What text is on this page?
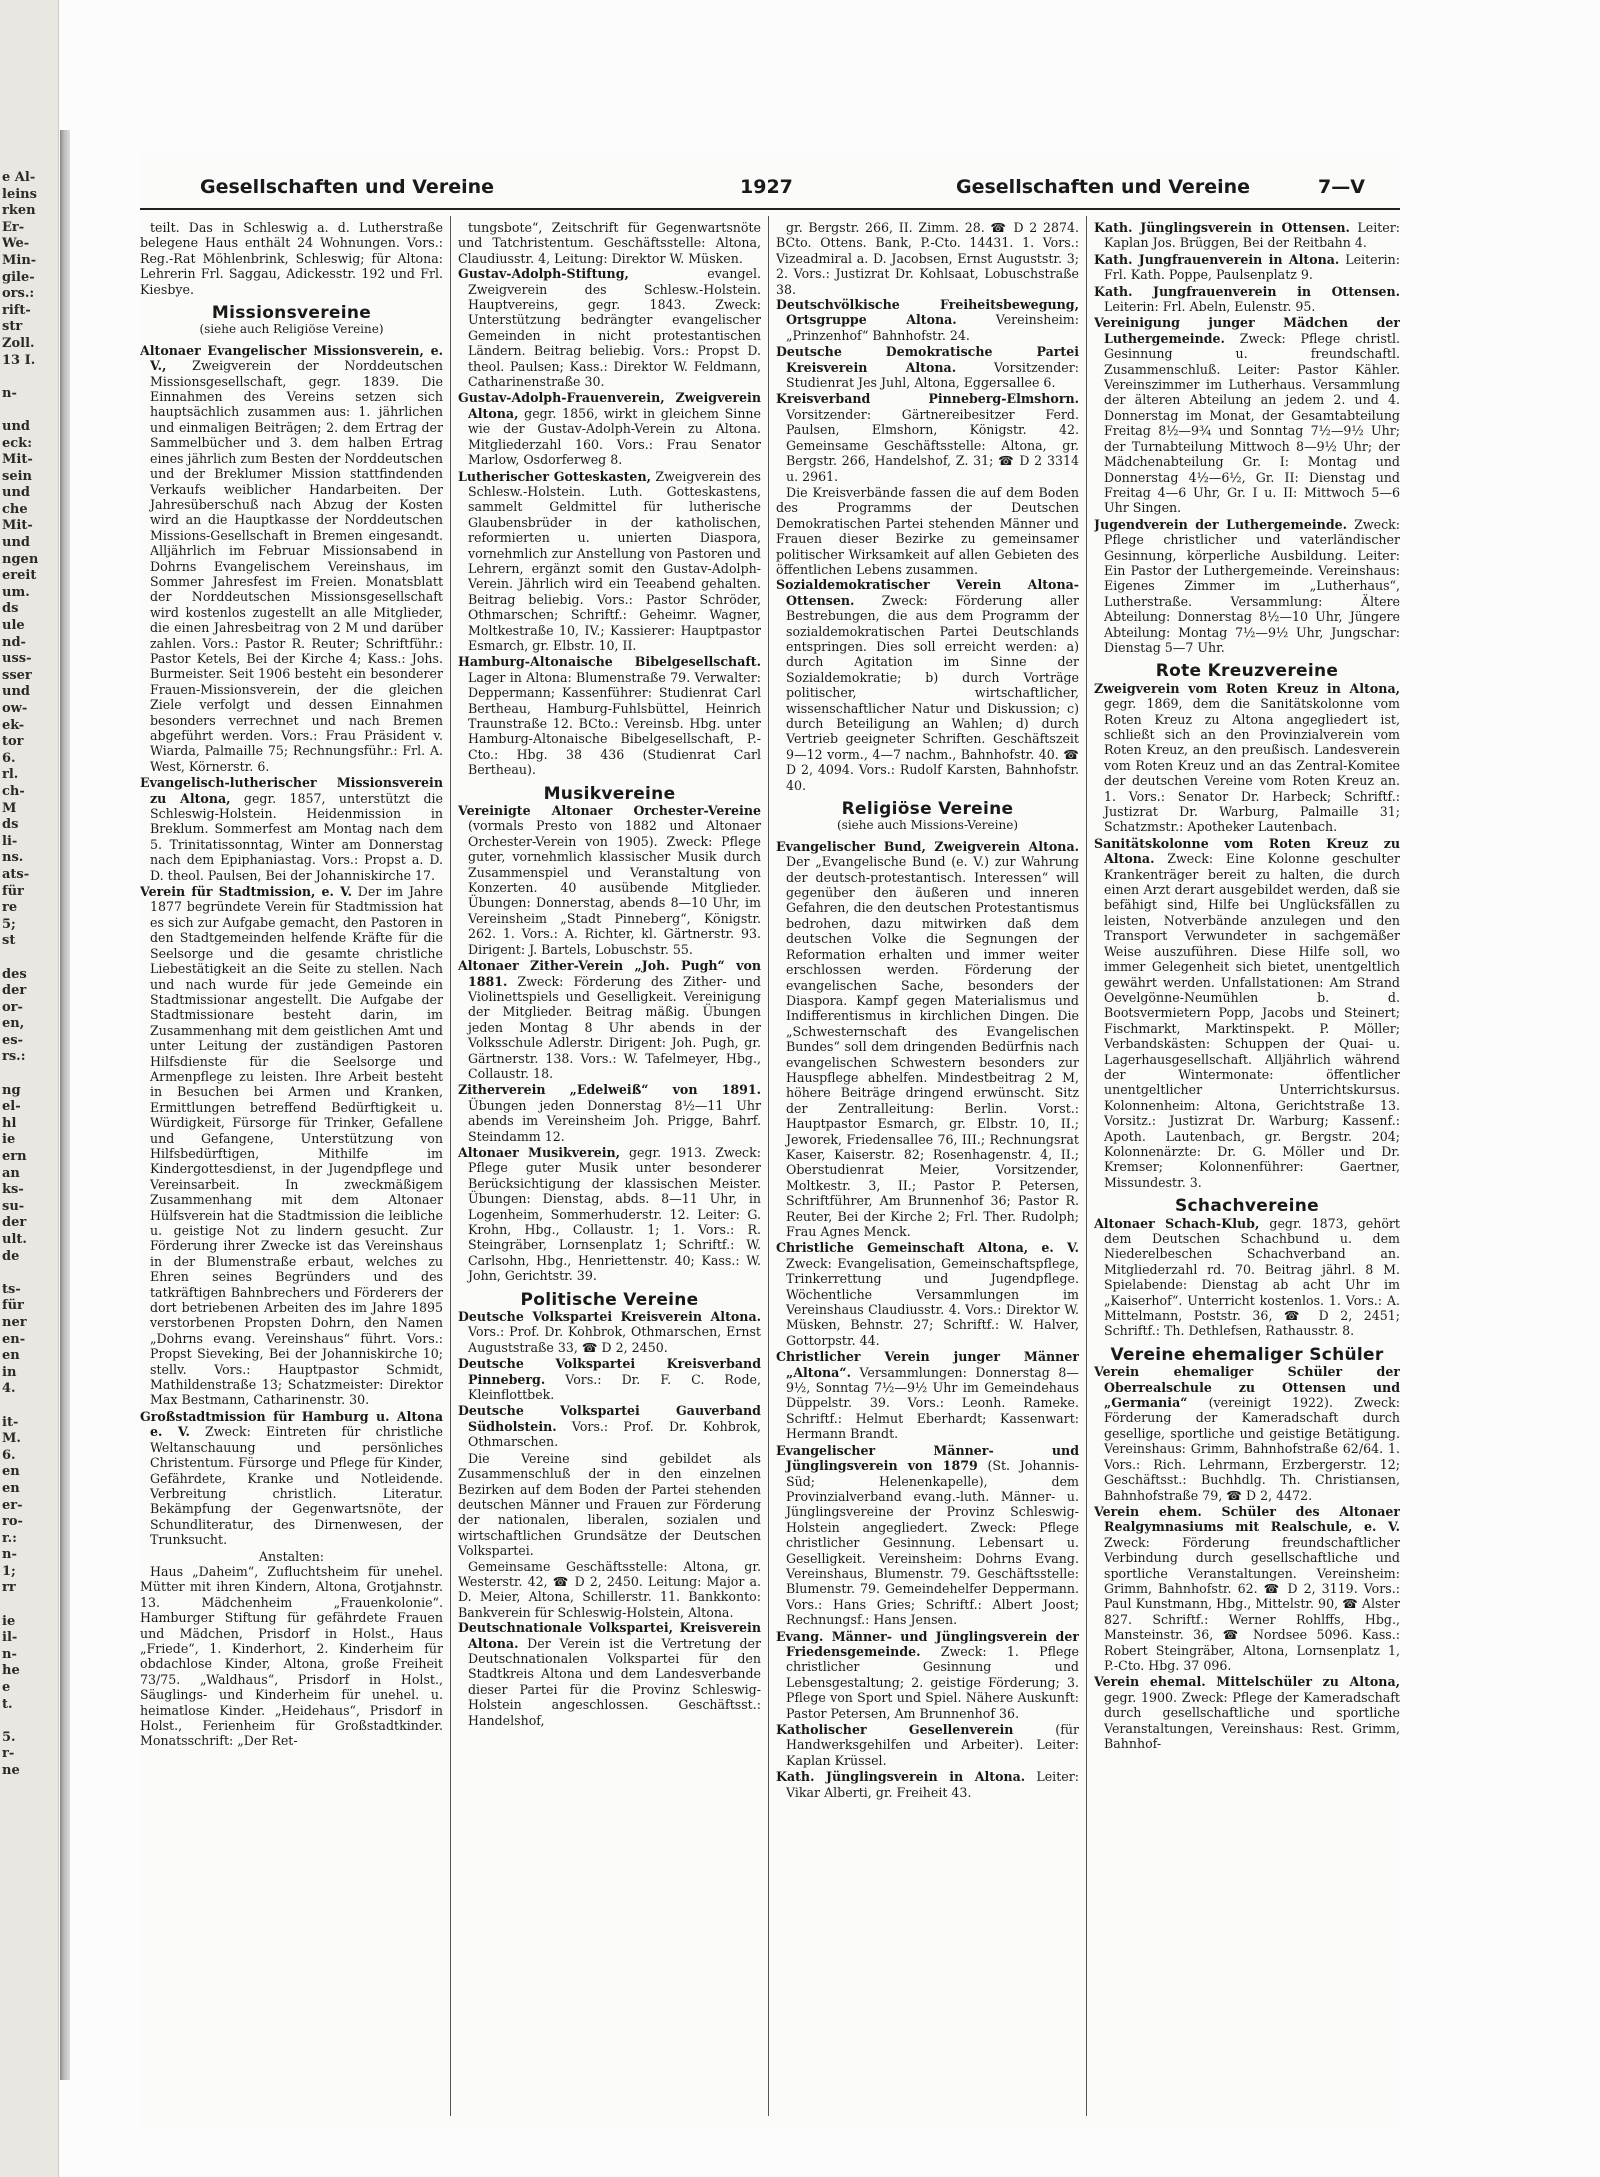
e Al-
leins
rken
Er-
We-
Min-
gile-
ors.:
rift-
str
Zoll.
13 I.

n-

und
eck:
Mit-
sein
und
che
Mit-
und
ngen
ereit
um.
ds
ule
nd-
uss-
sser
und
ow-
ek-
tor
6.
rl.
ch-
M
ds
li-
ns.
ats-
für
re
5;
st

des
der
or-
en,
es-
rs.:

ng
el-
hl
ie
ern
an
ks-
su-
der
ult.
de

ts-
für
ner
en-
en
in
4.

it-
M.
6.
en
en
er-
ro-
r.:
n-
1;
rr

ie
il-
n-
he
e
t.

5.
r-
ne
Gesellschaften und Vereine	1927	Gesellschaften und Vereine	7—V
teilt. Das in Schleswig a. d. Lutherstraße belegene Haus enthält 24 Wohnungen. Vors.: Reg.-Rat Möhlenbrink, Schleswig; für Altona: Lehrerin Frl. Saggau, Adickesstr. 192 und Frl. Kiesbye.
Missionsvereine
(siehe auch Religiöse Vereine)
Altonaer Evangelischer Missionsverein, e. V., Zweigverein der Norddeutschen Missionsgesellschaft, gegr. 1839. Die Einnahmen des Vereins setzen sich hauptsächlich zusammen aus: 1. jährlichen und einmaligen Beiträgen; 2. dem Ertrag der Sammelbücher und 3. dem halben Ertrag eines jährlich zum Besten der Norddeutschen und der Breklumer Mission stattfindenden Verkaufs weiblicher Handarbeiten. Der Jahresüberschuß nach Abzug der Kosten wird an die Hauptkasse der Norddeutschen Missions-Gesellschaft in Bremen eingesandt. Alljährlich im Februar Missionsabend in Dohrns Evangelischem Vereinshaus, im Sommer Jahresfest im Freien. Monatsblatt der Norddeutschen Missionsgesellschaft wird kostenlos zugestellt an alle Mitglieder, die einen Jahresbeitrag von 2 M und darüber zahlen. Vors.: Pastor R. Reuter; Schriftführ.: Pastor Ketels, Bei der Kirche 4; Kass.: Johs. Burmeister. Seit 1906 besteht ein besonderer Frauen-Missionsverein, der die gleichen Ziele verfolgt und dessen Einnahmen besonders verrechnet und nach Bremen abgeführt werden. Vors.: Frau Präsident v. Wiarda, Palmaille 75; Rechnungsführ.: Frl. A. West, Körnerstr. 6.
Evangelisch-lutherischer Missionsverein zu Altona, gegr. 1857, unterstützt die Schleswig-Holstein. Heidenmission in Breklum. Sommerfest am Montag nach dem 5. Trinitatissonntag, Winter am Donnerstag nach dem Epiphaniastag. Vors.: Propst a. D. D. theol. Paulsen, Bei der Johanniskirche 17.
Verein für Stadtmission, e. V. Der im Jahre 1877 begründete Verein für Stadtmission hat es sich zur Aufgabe gemacht, den Pastoren in den Stadtgemeinden helfende Kräfte für die Seelsorge und die gesamte christliche Liebestätigkeit an die Seite zu stellen. Nach und nach wurde für jede Gemeinde ein Stadtmissionar angestellt. Die Aufgabe der Stadtmissionare besteht darin, im Zusammenhang mit dem geistlichen Amt und unter Leitung der zuständigen Pastoren Hilfsdienste für die Seelsorge und Armenpflege zu leisten. Ihre Arbeit besteht in Besuchen bei Armen und Kranken, Ermittlungen betreffend Bedürftigkeit u. Würdigkeit, Fürsorge für Trinker, Gefallene und Gefangene, Unterstützung von Hilfsbedürftigen, Mithilfe im Kindergottesdienst, in der Jugendpflege und Vereinsarbeit. In zweckmäßigem Zusammenhang mit dem Altonaer Hülfsverein hat die Stadtmission die leibliche u. geistige Not zu lindern gesucht. Zur Förderung ihrer Zwecke ist das Vereinshaus in der Blumenstraße erbaut, welches zu Ehren seines Begründers und des tatkräftigen Bahnbrechers und Förderers der dort betriebenen Arbeiten des im Jahre 1895 verstorbenen Propsten Dohrn, den Namen „Dohrns evang. Vereinshaus“ führt. Vors.: Propst Sieveking, Bei der Johanniskirche 10; stellv. Vors.: Hauptpastor Schmidt, Mathildenstraße 13; Schatzmeister: Direktor Max Bestmann, Catharinenstr. 30.
Großstadtmission für Hamburg u. Altona e. V. Zweck: Eintreten für christliche Weltanschauung und persönliches Christentum. Fürsorge und Pflege für Kinder, Gefährdete, Kranke und Notleidende. Verbreitung christlich. Literatur. Bekämpfung der Gegenwartsnöte, der Schundliteratur, des Dirnenwesen, der Trunksucht.
Anstalten:
Haus „Daheim“, Zufluchtsheim für unehel. Mütter mit ihren Kindern, Altona, Grotjahnstr. 13. Mädchenheim „Frauenkolonie“. Hamburger Stiftung für gefährdete Frauen und Mädchen, Prisdorf in Holst., Haus „Friede“, 1. Kinderhort, 2. Kinderheim für obdachlose Kinder, Altona, große Freiheit 73/75. „Waldhaus“, Prisdorf in Holst., Säuglings- und Kinderheim für unehel. u. heimatlose Kinder. „Heidehaus“, Prisdorf in Holst., Ferienheim für Großstadtkinder. Monatsschrift: „Der Ret-
tungsbote“, Zeitschrift für Gegenwartsnöte und Tatchristentum. Geschäftsstelle: Altona, Claudiusstr. 4, Leitung: Direktor W. Müsken.
Gustav-Adolph-Stiftung, evangel. Zweigverein des Schlesw.-Holstein. Hauptvereins, gegr. 1843. Zweck: Unterstützung bedrängter evangelischer Gemeinden in nicht protestantischen Ländern. Beitrag beliebig. Vors.: Propst D. theol. Paulsen; Kass.: Direktor W. Feldmann, Catharinenstraße 30.
Gustav-Adolph-Frauenverein, Zweigverein Altona, gegr. 1856, wirkt in gleichem Sinne wie der Gustav-Adolph-Verein zu Altona. Mitgliederzahl 160. Vors.: Frau Senator Marlow, Osdorferweg 8.
Lutherischer Gotteskasten, Zweigverein des Schlesw.-Holstein. Luth. Gotteskastens, sammelt Geldmittel für lutherische Glaubensbrüder in der katholischen, reformierten u. unierten Diaspora, vornehmlich zur Anstellung von Pastoren und Lehrern, ergänzt somit den Gustav-Adolph-Verein. Jährlich wird ein Teeabend gehalten. Beitrag beliebig. Vors.: Pastor Schröder, Othmarschen; Schriftf.: Geheimr. Wagner, Moltkestraße 10, IV.; Kassierer: Hauptpastor Esmarch, gr. Elbstr. 10, II.
Hamburg-Altonaische Bibelgesellschaft. Lager in Altona: Blumenstraße 79. Verwalter: Deppermann; Kassenführer: Studienrat Carl Bertheau, Hamburg-Fuhlsbüttel, Heinrich Traunstraße 12. BCto.: Vereinsb. Hbg. unter Hamburg-Altonaische Bibelgesellschaft, P.-Cto.: Hbg. 38 436 (Studienrat Carl Bertheau).
Musikvereine
Vereinigte Altonaer Orchester-Vereine (vormals Presto von 1882 und Altonaer Orchester-Verein von 1905). Zweck: Pflege guter, vornehmlich klassischer Musik durch Zusammenspiel und Veranstaltung von Konzerten. 40 ausübende Mitglieder. Übungen: Donnerstag, abends 8—10 Uhr, im Vereinsheim „Stadt Pinneberg“, Königstr. 262. 1. Vors.: A. Richter, kl. Gärtnerstr. 93. Dirigent: J. Bartels, Lobuschstr. 55.
Altonaer Zither-Verein „Joh. Pugh“ von 1881. Zweck: Förderung des Zither- und Violinettspiels und Geselligkeit. Vereinigung der Mitglieder. Beitrag mäßig. Übungen jeden Montag 8 Uhr abends in der Volksschule Adlerstr. Dirigent: Joh. Pugh, gr. Gärtnerstr. 138. Vors.: W. Tafelmeyer, Hbg., Collaustr. 18.
Zitherverein „Edelweiß“ von 1891. Übungen jeden Donnerstag 8½—11 Uhr abends im Vereinsheim Joh. Prigge, Bahrf. Steindamm 12.
Altonaer Musikverein, gegr. 1913. Zweck: Pflege guter Musik unter besonderer Berücksichtigung der klassischen Meister. Übungen: Dienstag, abds. 8—11 Uhr, in Logenheim, Sommerhuderstr. 12. Leiter: G. Krohn, Hbg., Collaustr. 1; 1. Vors.: R. Steingräber, Lornsenplatz 1; Schriftf.: W. Carlsohn, Hbg., Henriettenstr. 40; Kass.: W. John, Gerichtstr. 39.
Politische Vereine
Deutsche Volkspartei Kreisverein Altona. Vors.: Prof. Dr. Kohbrok, Othmarschen, Ernst Auguststraße 33, ☎ D 2, 2450.
Deutsche Volkspartei Kreisverband Pinneberg. Vors.: Dr. F. C. Rode, Kleinflottbek.
Deutsche Volkspartei Gauverband Südholstein. Vors.: Prof. Dr. Kohbrok, Othmarschen.
Die Vereine sind gebildet als Zusammenschluß der in den einzelnen Bezirken auf dem Boden der Partei stehenden deutschen Männer und Frauen zur Förderung der nationalen, liberalen, sozialen und wirtschaftlichen Grundsätze der Deutschen Volkspartei.
Gemeinsame Geschäftsstelle: Altona, gr. Westerstr. 42, ☎ D 2, 2450. Leitung: Major a. D. Meier, Altona, Schillerstr. 11. Bankkonto: Bankverein für Schleswig-Holstein, Altona.
Deutschnationale Volkspartei, Kreisverein Altona. Der Verein ist die Vertretung der Deutschnationalen Volkspartei für den Stadtkreis Altona und dem Landesverbande dieser Partei für die Provinz Schleswig-Holstein angeschlossen. Geschäftsst.: Handelshof,
gr. Bergstr. 266, II. Zimm. 28. ☎ D 2 2874. BCto. Ottens. Bank, P.-Cto. 14431. 1. Vors.: Vizeadmiral a. D. Jacobsen, Ernst Auguststr. 3; 2. Vors.: Justizrat Dr. Kohlsaat, Lobuschstraße 38.
Deutschvölkische Freiheitsbewegung, Ortsgruppe Altona. Vereinsheim: „Prinzenhof“ Bahnhofstr. 24.
Deutsche Demokratische Partei Kreisverein Altona. Vorsitzender: Studienrat Jes Juhl, Altona, Eggersallee 6.
Kreisverband Pinneberg-Elmshorn. Vorsitzender: Gärtnereibesitzer Ferd. Paulsen, Elmshorn, Königstr. 42. Gemeinsame Geschäftsstelle: Altona, gr. Bergstr. 266, Handelshof, Z. 31; ☎ D 2 3314 u. 2961.
Die Kreisverbände fassen die auf dem Boden des Programms der Deutschen Demokratischen Partei stehenden Männer und Frauen dieser Bezirke zu gemeinsamer politischer Wirksamkeit auf allen Gebieten des öffentlichen Lebens zusammen.
Sozialdemokratischer Verein Altona-Ottensen. Zweck: Förderung aller Bestrebungen, die aus dem Programm der sozialdemokratischen Partei Deutschlands entspringen. Dies soll erreicht werden: a) durch Agitation im Sinne der Sozialdemokratie; b) durch Vorträge politischer, wirtschaftlicher, wissenschaftlicher Natur und Diskussion; c) durch Beteiligung an Wahlen; d) durch Vertrieb geeigneter Schriften. Geschäftszeit 9—12 vorm., 4—7 nachm., Bahnhofstr. 40. ☎ D 2, 4094. Vors.: Rudolf Karsten, Bahnhofstr. 40.
Religiöse Vereine
(siehe auch Missions-Vereine)
Evangelischer Bund, Zweigverein Altona. Der „Evangelische Bund (e. V.) zur Wahrung der deutsch-protestantisch. Interessen“ will gegenüber den äußeren und inneren Gefahren, die den deutschen Protestantismus bedrohen, dazu mitwirken daß dem deutschen Volke die Segnungen der Reformation erhalten und immer weiter erschlossen werden. Förderung der evangelischen Sache, besonders der Diaspora. Kampf gegen Materialismus und Indifferentismus in kirchlichen Dingen. Die „Schwesternschaft des Evangelischen Bundes“ soll dem dringenden Bedürfnis nach evangelischen Schwestern besonders zur Hauspflege abhelfen. Mindestbeitrag 2 M, höhere Beiträge dringend erwünscht. Sitz der Zentralleitung: Berlin. Vorst.: Hauptpastor Esmarch, gr. Elbstr. 10, II.; Jeworek, Friedensallee 76, III.; Rechnungsrat Kaser, Kaiserstr. 82; Rosenhagenstr. 4, II.; Oberstudienrat Meier, Vorsitzender, Moltkestr. 3, II.; Pastor P. Petersen, Schriftführer, Am Brunnenhof 36; Pastor R. Reuter, Bei der Kirche 2; Frl. Ther. Rudolph; Frau Agnes Menck.
Christliche Gemeinschaft Altona, e. V. Zweck: Evangelisation, Gemeinschaftspflege, Trinkerrettung und Jugendpflege. Wöchentliche Versammlungen im Vereinshaus Claudiusstr. 4. Vors.: Direktor W. Müsken, Behnstr. 27; Schriftf.: W. Halver, Gottorpstr. 44.
Christlicher Verein junger Männer „Altona“. Versammlungen: Donnerstag 8—9½, Sonntag 7½—9½ Uhr im Gemeindehaus Düppelstr. 39. Vors.: Leonh. Rameke. Schriftf.: Helmut Eberhardt; Kassenwart: Hermann Brandt.
Evangelischer Männer- und Jünglingsverein von 1879 (St. Johannis-Süd; Helenenkapelle), dem Provinzialverband evang.-luth. Männer- u. Jünglingsvereine der Provinz Schleswig-Holstein angegliedert. Zweck: Pflege christlicher Gesinnung. Lebensart u. Geselligkeit. Vereinsheim: Dohrns Evang. Vereinshaus, Blumenstr. 79. Geschäftsstelle: Blumenstr. 79. Gemeindehelfer Deppermann. Vors.: Hans Gries; Schriftf.: Albert Joost; Rechnungsf.: Hans Jensen.
Evang. Männer- und Jünglingsverein der Friedensgemeinde. Zweck: 1. Pflege christlicher Gesinnung und Lebensgestaltung; 2. geistige Förderung; 3. Pflege von Sport und Spiel. Nähere Auskunft: Pastor Petersen, Am Brunnenhof 36.
Katholischer Gesellenverein (für Handwerksgehilfen und Arbeiter). Leiter: Kaplan Krüssel.
Kath. Jünglingsverein in Altona. Leiter: Vikar Alberti, gr. Freiheit 43.
Kath. Jünglingsverein in Ottensen. Leiter: Kaplan Jos. Brüggen, Bei der Reitbahn 4.
Kath. Jungfrauenverein in Altona. Leiterin: Frl. Kath. Poppe, Paulsenplatz 9.
Kath. Jungfrauenverein in Ottensen. Leiterin: Frl. Abeln, Eulenstr. 95.
Vereinigung junger Mädchen der Luthergemeinde. Zweck: Pflege christl. Gesinnung u. freundschaftl. Zusammenschluß. Leiter: Pastor Kähler. Vereinszimmer im Lutherhaus. Versammlung der älteren Abteilung an jedem 2. und 4. Donnerstag im Monat, der Gesamtabteilung Freitag 8½—9¾ und Sonntag 7½—9½ Uhr; der Turnabteilung Mittwoch 8—9½ Uhr; der Mädchenabteilung Gr. I: Montag und Donnerstag 4½—6½, Gr. II: Dienstag und Freitag 4—6 Uhr, Gr. I u. II: Mittwoch 5—6 Uhr Singen.
Jugendverein der Luthergemeinde. Zweck: Pflege christlicher und vaterländischer Gesinnung, körperliche Ausbildung. Leiter: Ein Pastor der Luthergemeinde. Vereinshaus: Eigenes Zimmer im „Lutherhaus“, Lutherstraße. Versammlung: Ältere Abteilung: Donnerstag 8½—10 Uhr, Jüngere Abteilung: Montag 7½—9½ Uhr, Jungschar: Dienstag 5—7 Uhr.
Rote Kreuzvereine
Zweigverein vom Roten Kreuz in Altona, gegr. 1869, dem die Sanitätskolonne vom Roten Kreuz zu Altona angegliedert ist, schließt sich an den Provinzialverein vom Roten Kreuz, an den preußisch. Landesverein vom Roten Kreuz und an das Zentral-Komitee der deutschen Vereine vom Roten Kreuz an. 1. Vors.: Senator Dr. Harbeck; Schriftf.: Justizrat Dr. Warburg, Palmaille 31; Schatzmstr.: Apotheker Lautenbach.
Sanitätskolonne vom Roten Kreuz zu Altona. Zweck: Eine Kolonne geschulter Krankenträger bereit zu halten, die durch einen Arzt derart ausgebildet werden, daß sie befähigt sind, Hilfe bei Unglücksfällen zu leisten, Notverbände anzulegen und den Transport Verwundeter in sachgemäßer Weise auszuführen. Diese Hilfe soll, wo immer Gelegenheit sich bietet, unentgeltlich gewährt werden. Unfallstationen: Am Strand Oevelgönne-Neumühlen b. d. Bootsvermietern Popp, Jacobs und Steinert; Fischmarkt, Marktinspekt. P. Möller; Verbandskästen: Schuppen der Quai- u. Lagerhausgesellschaft. Alljährlich während der Wintermonate: öffentlicher unentgeltlicher Unterrichtskursus. Kolonnenheim: Altona, Gerichtstraße 13. Vorsitz.: Justizrat Dr. Warburg; Kassenf.: Apoth. Lautenbach, gr. Bergstr. 204; Kolonnenärzte: Dr. G. Möller und Dr. Kremser; Kolonnenführer: Gaertner, Missundestr. 3.
Schachvereine
Altonaer Schach-Klub, gegr. 1873, gehört dem Deutschen Schachbund u. dem Niederelbeschen Schachverband an. Mitgliederzahl rd. 70. Beitrag jährl. 8 M. Spielabende: Dienstag ab acht Uhr im „Kaiserhof“. Unterricht kostenlos. 1. Vors.: A. Mittelmann, Poststr. 36, ☎ D 2, 2451; Schriftf.: Th. Dethlefsen, Rathausstr. 8.
Vereine ehemaliger Schüler
Verein ehemaliger Schüler der Oberrealschule zu Ottensen und „Germania“ (vereinigt 1922). Zweck: Förderung der Kameradschaft durch gesellige, sportliche und geistige Betätigung. Vereinshaus: Grimm, Bahnhofstraße 62/64. 1. Vors.: Rich. Lehrmann, Erzbergerstr. 12; Geschäftsst.: Buchhdlg. Th. Christiansen, Bahnhofstraße 79, ☎ D 2, 4472.
Verein ehem. Schüler des Altonaer Realgymnasiums mit Realschule, e. V. Zweck: Förderung freundschaftlicher Verbindung durch gesellschaftliche und sportliche Veranstaltungen. Vereinsheim: Grimm, Bahnhofstr. 62. ☎ D 2, 3119. Vors.: Paul Kunstmann, Hbg., Mittelstr. 90, ☎ Alster 827. Schriftf.: Werner Rohlffs, Hbg., Mansteinstr. 36, ☎ Nordsee 5096. Kass.: Robert Steingräber, Altona, Lornsenplatz 1, P.-Cto. Hbg. 37 096.
Verein ehemal. Mittelschüler zu Altona, gegr. 1900. Zweck: Pflege der Kameradschaft durch gesellschaftliche und sportliche Veranstaltungen, Vereinshaus: Rest. Grimm, Bahnhof-
